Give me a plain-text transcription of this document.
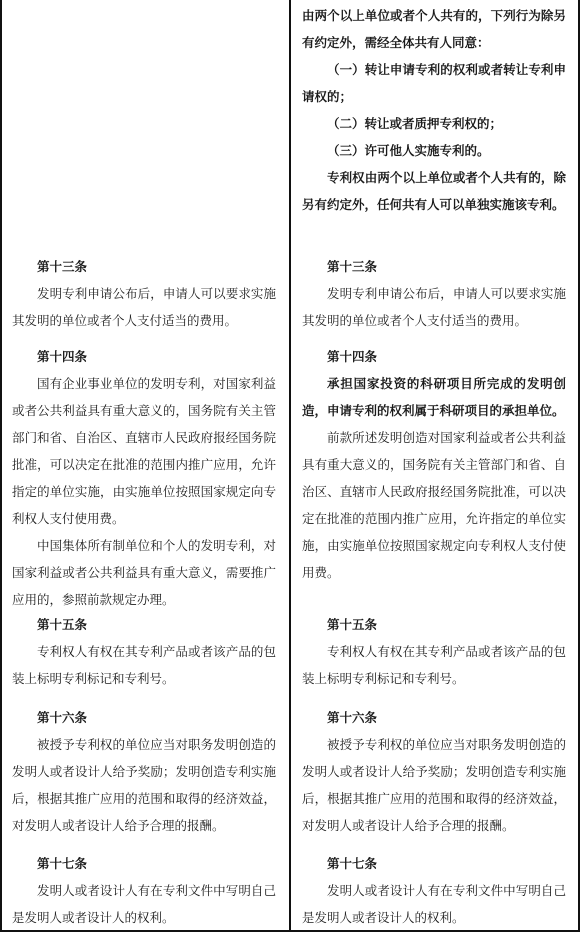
第十三条

发明专利申请公布后，申请人可以要求实施其发明的单位或者个人支付适当的费用。

第十四条

国有企业事业单位的发明专利，对国家利益或者公共利益具有重大意义的，国务院有关主管部门和省、自治区、直辖市人民政府报经国务院批准，可以决定在批准的范围内推广应用，允许指定的单位实施，由实施单位按照国家规定向专利权人支付使用费。

中国集体所有制单位和个人的发明专利，对国家利益或者公共利益具有重大意义，需要推广应用的，参照前款规定办理。

第十五条

专利权人有权在其专利产品或者该产品的包装上标明专利标记和专利号。

第十六条

被授予专利权的单位应当对职务发明创造的发明人或者设计人给予奖励；发明创造专利实施后，根据其推广应用的范围和取得的经济效益，对发明人或者设计人给予合理的报酬。

第十七条

发明人或者设计人有在专利文件中写明自己是发明人或者设计人的权利。

由两个以上单位或者个人共有的，下列行为除另有约定外，需经全体共有人同意：

（一）转让申请专利的权利或者转让专利申请权的；

（二）转让或者质押专利权的；

（三）许可他人实施专利的。

专利权由两个以上单位或者个人共有的，除另有约定外，任何共有人可以单独实施该专利。

第十三条

发明专利申请公布后，申请人可以要求实施其发明的单位或者个人支付适当的费用。

第十四条

承担国家投资的科研项目所完成的发明创造，申请专利的权利属于科研项目的承担单位。

前款所述发明创造对国家利益或者公共利益具有重大意义的，国务院有关主管部门和省、自治区、直辖市人民政府报经国务院批准，可以决定在批准的范围内推广应用，允许指定的单位实施，由实施单位按照国家规定向专利权人支付使用费。

第十五条

专利权人有权在其专利产品或者该产品的包装上标明专利标记和专利号。

第十六条

被授予专利权的单位应当对职务发明创造的发明人或者设计人给予奖励；发明创造专利实施后，根据其推广应用的范围和取得的经济效益，对发明人或者设计人给予合理的报酬。

第十七条

发明人或者设计人有在专利文件中写明自己是发明人或者设计人的权利。
